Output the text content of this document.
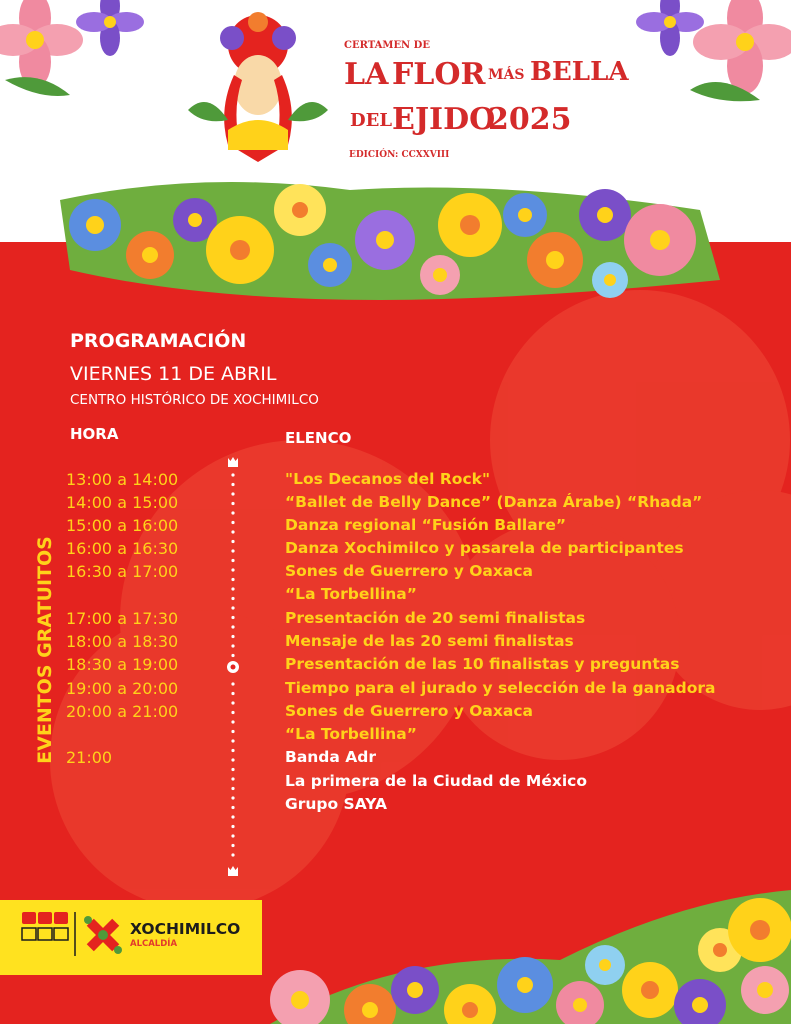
CERTAMEN DE
LA FLOR MÁS BELLA
DEL EJIDO
2025
EDICIÓN: CCXXVIII
PROGRAMACIÓN
VIERNES 11 DE ABRIL
CENTRO HISTÓRICO DE XOCHIMILCO
HORA	ELENCO
EVENTOS GRATUITOS
13:00 a 14:00
14:00 a 15:00
15:00 a 16:00
16:00 a 16:30
16:30 a 17:00
17:00 a 17:30
18:00 a 18:30
18:30 a 19:00
19:00 a 20:00
20:00 a 21:00
21:00
"Los Decanos del Rock"
“Ballet de Belly Dance” (Danza Árabe) “Rhada”
Danza regional “Fusión Ballare”
Danza Xochimilco y pasarela de participantes
Sones de Guerrero y Oaxaca
“La Torbellina”
Presentación de 20 semi finalistas
Mensaje de las 20 semi finalistas
Presentación de las 10 finalistas y preguntas
Tiempo para el jurado y selección de la ganadora
Sones de Guerrero y Oaxaca
“La Torbellina”
Banda Adr
La primera de la Ciudad de México
Grupo SAYA
XOCHIMILCO
ALCALDÍA
